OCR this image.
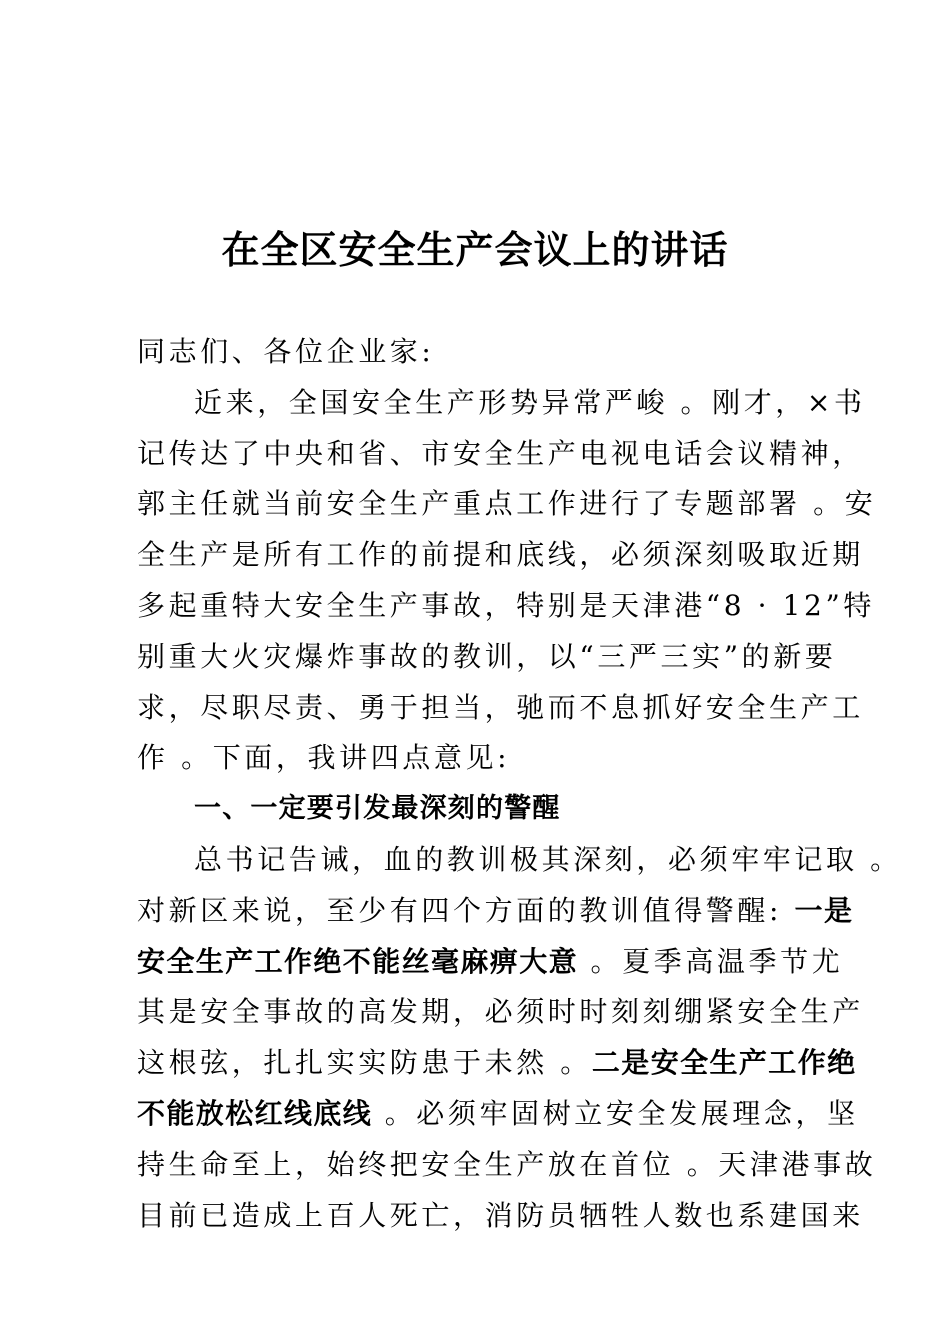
在全区安全生产会议上的讲话
同志们、各位企业家:
近来，全国安全生产形势异常严峻 。刚才，×书
记传达了中央和省、市安全生产电视电话会议精神，
郭主任就当前安全生产重点工作进行了专题部署 。安
全生产是所有工作的前提和底线，必须深刻吸取近期
多起重特大安全生产事故，特别是天津港“8 · 12”特
别重大火灾爆炸事故的教训，以“三严三实”的新要
求，尽职尽责、勇于担当，驰而不息抓好安全生产工
作 。下面，我讲四点意见:
一、一定要引发最深刻的警醒
总书记告诫，血的教训极其深刻，必须牢牢记取 。
对新区来说，至少有四个方面的教训值得警醒: 一是
安全生产工作绝不能丝毫麻痹大意 。夏季高温季节尤
其是安全事故的高发期，必须时时刻刻绷紧安全生产
这根弦，扎扎实实防患于未然 。二是安全生产工作绝
不能放松红线底线 。必须牢固树立安全发展理念，坚
持生命至上，始终把安全生产放在首位 。天津港事故
目前已造成上百人死亡，消防员牺牲人数也系建国来
